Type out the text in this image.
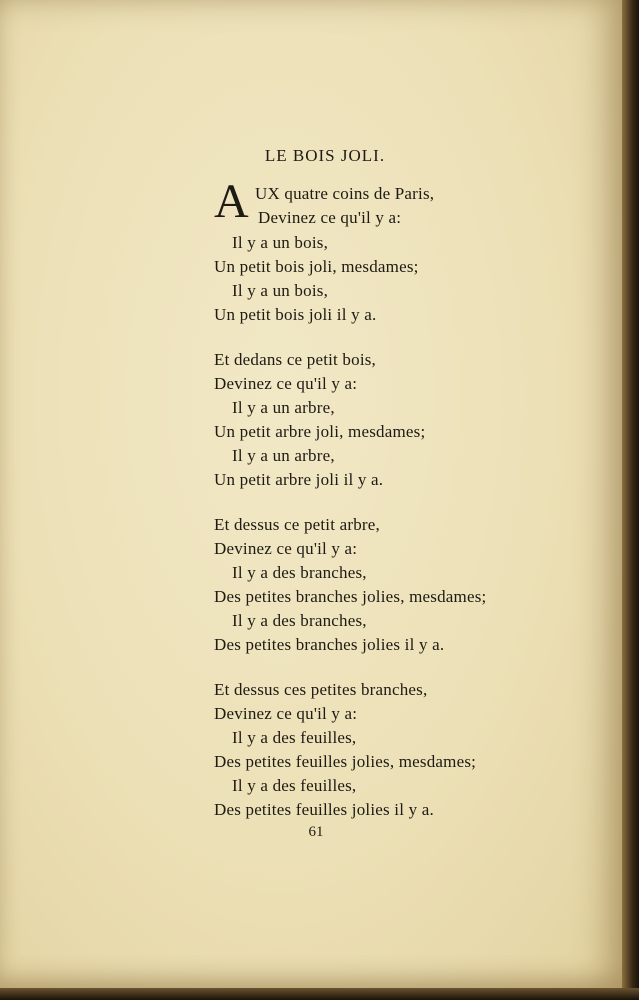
LE BOIS JOLI.
A UX quatre coins de Paris,
Devinez ce qu'il y a:
Il y a un bois,
Un petit bois joli, mesdames;
Il y a un bois,
Un petit bois joli il y a.
Et dedans ce petit bois,
Devinez ce qu'il y a:
Il y a un arbre,
Un petit arbre joli, mesdames;
Il y a un arbre,
Un petit arbre joli il y a.
Et dessus ce petit arbre,
Devinez ce qu'il y a:
Il y a des branches,
Des petites branches jolies, mesdames;
Il y a des branches,
Des petites branches jolies il y a.
Et dessus ces petites branches,
Devinez ce qu'il y a:
Il y a des feuilles,
Des petites feuilles jolies, mesdames;
Il y a des feuilles,
Des petites feuilles jolies il y a.
61
